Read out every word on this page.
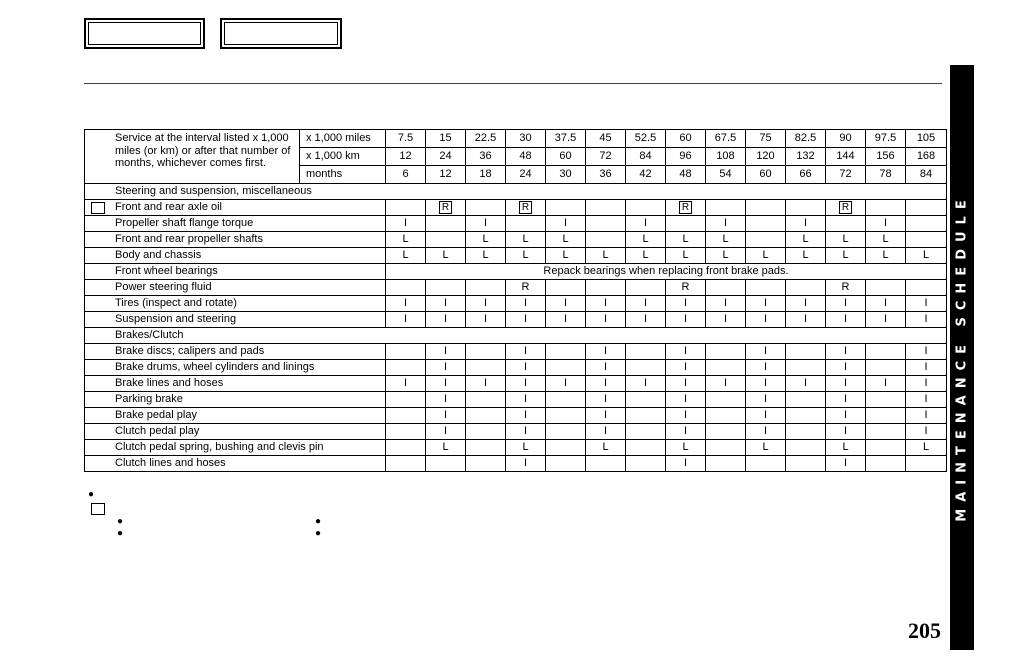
Service at the interval listed x 1,000 miles (or km) or after that number of months, whichever comes first.	x 1,000 miles	7.5	15	22.5	30	37.5	45	52.5	60	67.5	75	82.5	90	97.5	105
	x 1,000 km	12	24	36	48	60	72	84	96	108	120	132	144	156	168
	months	6	12	18	24	30	36	42	48	54	60	66	72	78	84
Steering and suspension, miscellaneous															

Front and rear axle oil			R		R				R				R		
Propeller shaft flange torque		I		I		I		I		I		I		I	
Front and rear propeller shafts		L		L	L	L		L	L	L		L	L	L	
Body and chassis		L	L	L	L	L	L	L	L	L	L	L	L	L	L
Front wheel bearings		Repack bearings when replacing front brake pads.													
Power steering fluid					R				R				R		
Tires (inspect and rotate)		I	I	I	I	I	I	I	I	I	I	I	I	I	I
Suspension and steering		I	I	I	I	I	I	I	I	I	I	I	I	I	I
Brakes/Clutch															
Brake discs; calipers and pads			I		I		I		I		I		I		I
Brake drums, wheel cylinders and linings			I		I		I		I		I		I		I
Brake lines and hoses		I	I	I	I	I	I	I	I	I	I	I	I	I	I
Parking brake			I		I		I		I		I		I		I
Brake pedal play			I		I		I		I		I		I		I
Clutch pedal play			I		I		I		I		I		I		I
Clutch pedal spring, bushing and clevis pin			L		L		L		L		L		L		L
Clutch lines and hoses					I				I				I		
●
●	●
●	●
MAINTENANCE SCHEDULE
205
